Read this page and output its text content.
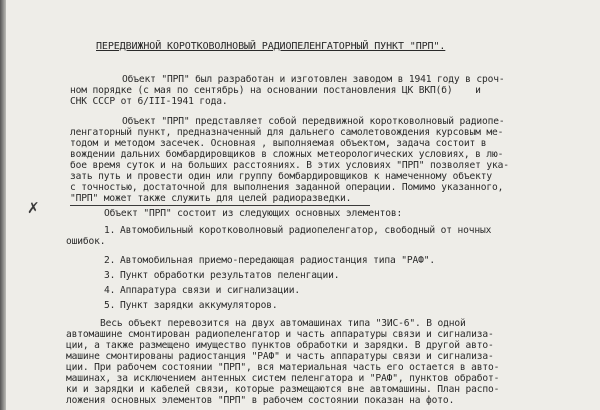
ПЕРЕДВИЖНОЙ КОРОТКОВОЛНОВЫЙ РАДИОПЕЛЕНГАТОРНЫЙ ПУНКТ "ПРП".

Объект "ПРП" был разработан и изготовлен заводом в 1941 году в сроч-

ном порядке (с мая по сентябрь) на основании постановления ЦК ВКП(б)    и

СНК СССР от 6/III-1941 года.

Объект "ПРП" представляет собой передвижной коротковолновый радиопе-

ленгаторный пункт, предназначенный для дальнего самолетовождения курсовым ме-

тодом и методом засечек. Основная , выполняемая объектом, задача состоит в

вождении дальних бомбардировщиков в сложных метеорологических условиях, в лю-

бое время суток и на больших расстояниях. В этих условиях "ПРП" позволяет ука-

зать путь и провести один или группу бомбардировщиков к намеченному объекту

с точностью, достаточной для выполнения заданной операции. Помимо указанного,

"ПРП" может также служить для целей радиоразведки.

Объект "ПРП" состоит из следующих основных элементов:

1.

Автомобильный коротковолновый радиопеленгатор, свободный от ночных

ошибок.

2.

Автомобильная приемо-передающая радиостанция типа "РАФ".

3.

Пункт обработки результатов пеленгации.

4.

Аппаратура связи и сигнализации.

5.

Пункт зарядки аккумуляторов.

Весь объект перевозится на двух автомашинах типа "ЗИС-6". В одной

автомашине смонтирован радиопеленгатор и часть аппаратуры связи и сигнализа-

ции, а также размещено имущество пунктов обработки и зарядки. В другой авто-

машине смонтированы радиостанция "РАФ" и часть аппаратуры связи и сигнализа-

ции. При рабочем состоянии "ПРП", вся материальная часть его остается в авто-

машинах, за исключением антенных систем пеленгатора и "РАФ", пунктов обработ-

ки и зарядки и кабелей связи, которые размещаются вне автомашины. План распо-

ложения основных элементов "ПРП" в рабочем состоянии показан на фото.

✗
